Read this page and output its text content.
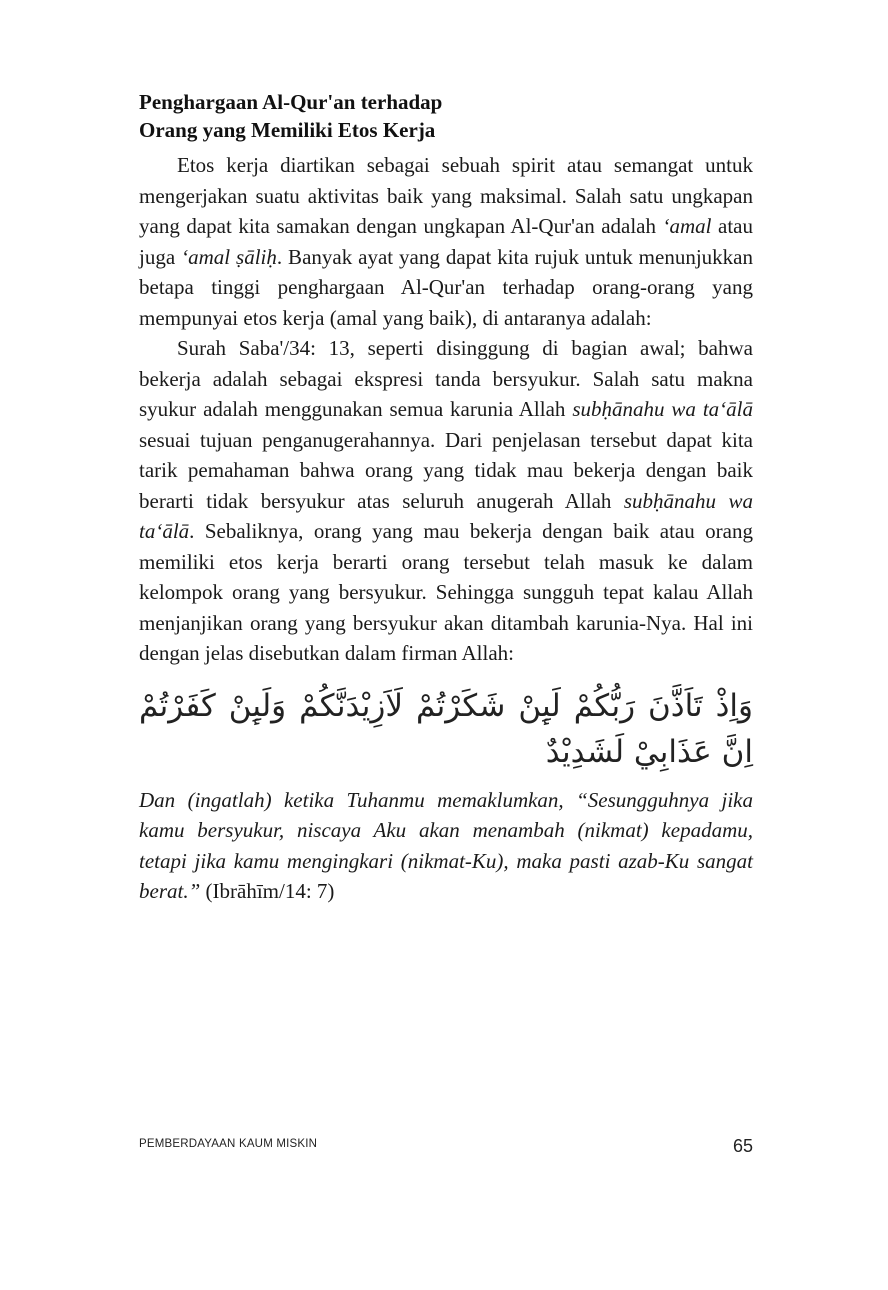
Penghargaan Al-Qur'an terhadap
Orang yang Memiliki Etos Kerja

Etos kerja diartikan sebagai sebuah spirit atau semangat untuk mengerjakan suatu aktivitas baik yang maksimal. Salah satu ungkapan yang dapat kita samakan dengan ungkapan Al-Qur'an adalah ‘amal atau juga ‘amal ṣāliḥ. Banyak ayat yang dapat kita rujuk untuk menunjukkan betapa tinggi penghargaan Al-Qur'an terhadap orang-orang yang mempunyai etos kerja (amal yang baik), di antaranya adalah:

Surah Saba'/34: 13, seperti disinggung di bagian awal; bahwa bekerja adalah sebagai ekspresi tanda bersyukur. Salah satu makna syukur adalah menggunakan semua karunia Allah subḥānahu wa ta‘ālā sesuai tujuan penganugerahannya. Dari penjelasan tersebut dapat kita tarik pemahaman bahwa orang yang tidak mau bekerja dengan baik berarti tidak bersyukur atas seluruh anugerah Allah subḥānahu wa ta‘ālā. Sebaliknya, orang yang mau bekerja dengan baik atau orang memiliki etos kerja berarti orang tersebut telah masuk ke dalam kelompok orang yang bersyukur. Sehingga sungguh tepat kalau Allah menjanjikan orang yang bersyukur akan ditambah karunia-Nya. Hal ini dengan jelas disebutkan dalam firman Allah:

وَاِذْ تَاَذَّنَ رَبُّكُمْ لَىِٕنْ شَكَرْتُمْ لَاَزِيْدَنَّكُمْ وَلَىِٕنْ كَفَرْتُمْ
اِنَّ عَذَابِيْ لَشَدِيْدٌ

Dan (ingatlah) ketika Tuhanmu memaklumkan, “Sesungguhnya jika kamu bersyukur, niscaya Aku akan menambah (nikmat) kepadamu, tetapi jika kamu mengingkari (nikmat-Ku), maka pasti azab-Ku sangat berat.” (Ibrāhīm/14: 7)

PEMBERDAYAAN KAUM MISKIN	65
